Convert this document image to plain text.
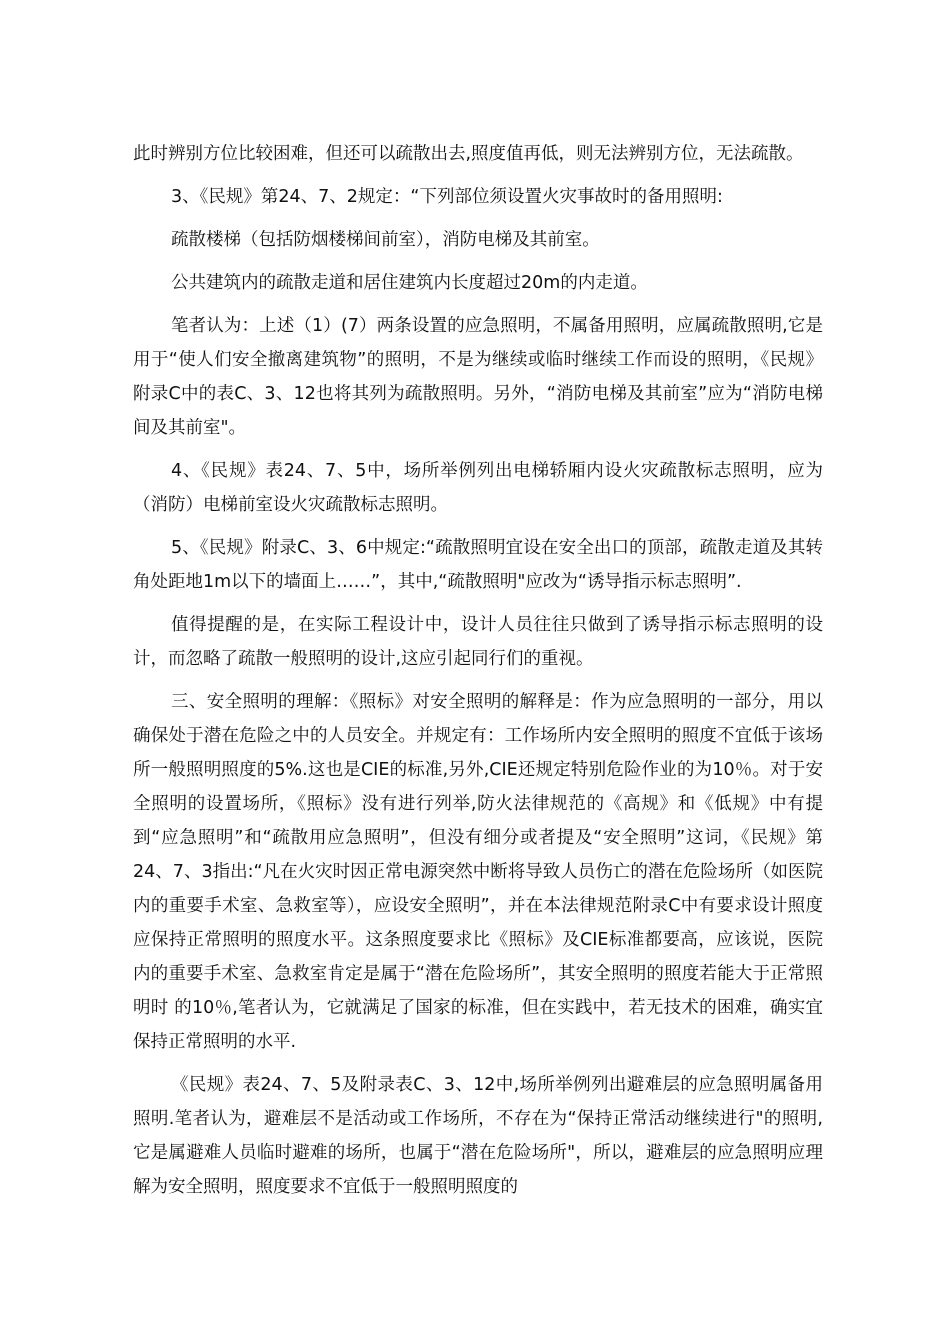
此时辨别方位比较困难，但还可以疏散出去,照度值再低，则无法辨别方位，无法疏散。

3、《民规》第24、7、2规定：“下列部位须设置火灾事故时的备用照明:

疏散楼梯（包括防烟楼梯间前室），消防电梯及其前室。

公共建筑内的疏散走道和居住建筑内长度超过20m的内走道。

笔者认为：上述（1）(7）两条设置的应急照明，不属备用照明，应属疏散照明,它是用于“使人们安全撤离建筑物”的照明，不是为继续或临时继续工作而设的照明，《民规》附录C中的表C、3、12也将其列为疏散照明。另外，“消防电梯及其前室”应为“消防电梯间及其前室"。

4、《民规》表24、7、5中，场所举例列出电梯轿厢内设火灾疏散标志照明，应为（消防）电梯前室设火灾疏散标志照明。

5、《民规》附录C、3、6中规定:“疏散照明宜设在安全出口的顶部，疏散走道及其转角处距地1m以下的墙面上……”，其中,“疏散照明"应改为“诱导指示标志照明”.

值得提醒的是，在实际工程设计中，设计人员往往只做到了诱导指示标志照明的设计，而忽略了疏散一般照明的设计,这应引起同行们的重视。

三、安全照明的理解：《照标》对安全照明的解释是：作为应急照明的一部分，用以确保处于潜在危险之中的人员安全。并规定有：工作场所内安全照明的照度不宜低于该场所一般照明照度的5%.这也是CIE的标准,另外,CIE还规定特别危险作业的为10％。对于安全照明的设置场所，《照标》没有进行列举,防火法律规范的《高规》和《低规》中有提到“应急照明”和“疏散用应急照明”，但没有细分或者提及“安全照明”这词，《民规》第24、7、3指出:“凡在火灾时因正常电源突然中断将导致人员伤亡的潜在危险场所（如医院内的重要手术室、急救室等），应设安全照明”，并在本法律规范附录C中有要求设计照度应保持正常照明的照度水平。这条照度要求比《照标》及CIE标准都要高，应该说，医院内的重要手术室、急救室肯定是属于“潜在危险场所”，其安全照明的照度若能大于正常照明时 的10％,笔者认为，它就满足了国家的标准，但在实践中，若无技术的困难，确实宜保持正常照明的水平.

《民规》表24、7、5及附录表C、3、12中,场所举例列出避难层的应急照明属备用照明.笔者认为，避难层不是活动或工作场所，不存在为“保持正常活动继续进行"的照明,它是属避难人员临时避难的场所，也属于“潜在危险场所"，所以，避难层的应急照明应理解为安全照明，照度要求不宜低于一般照明照度的
